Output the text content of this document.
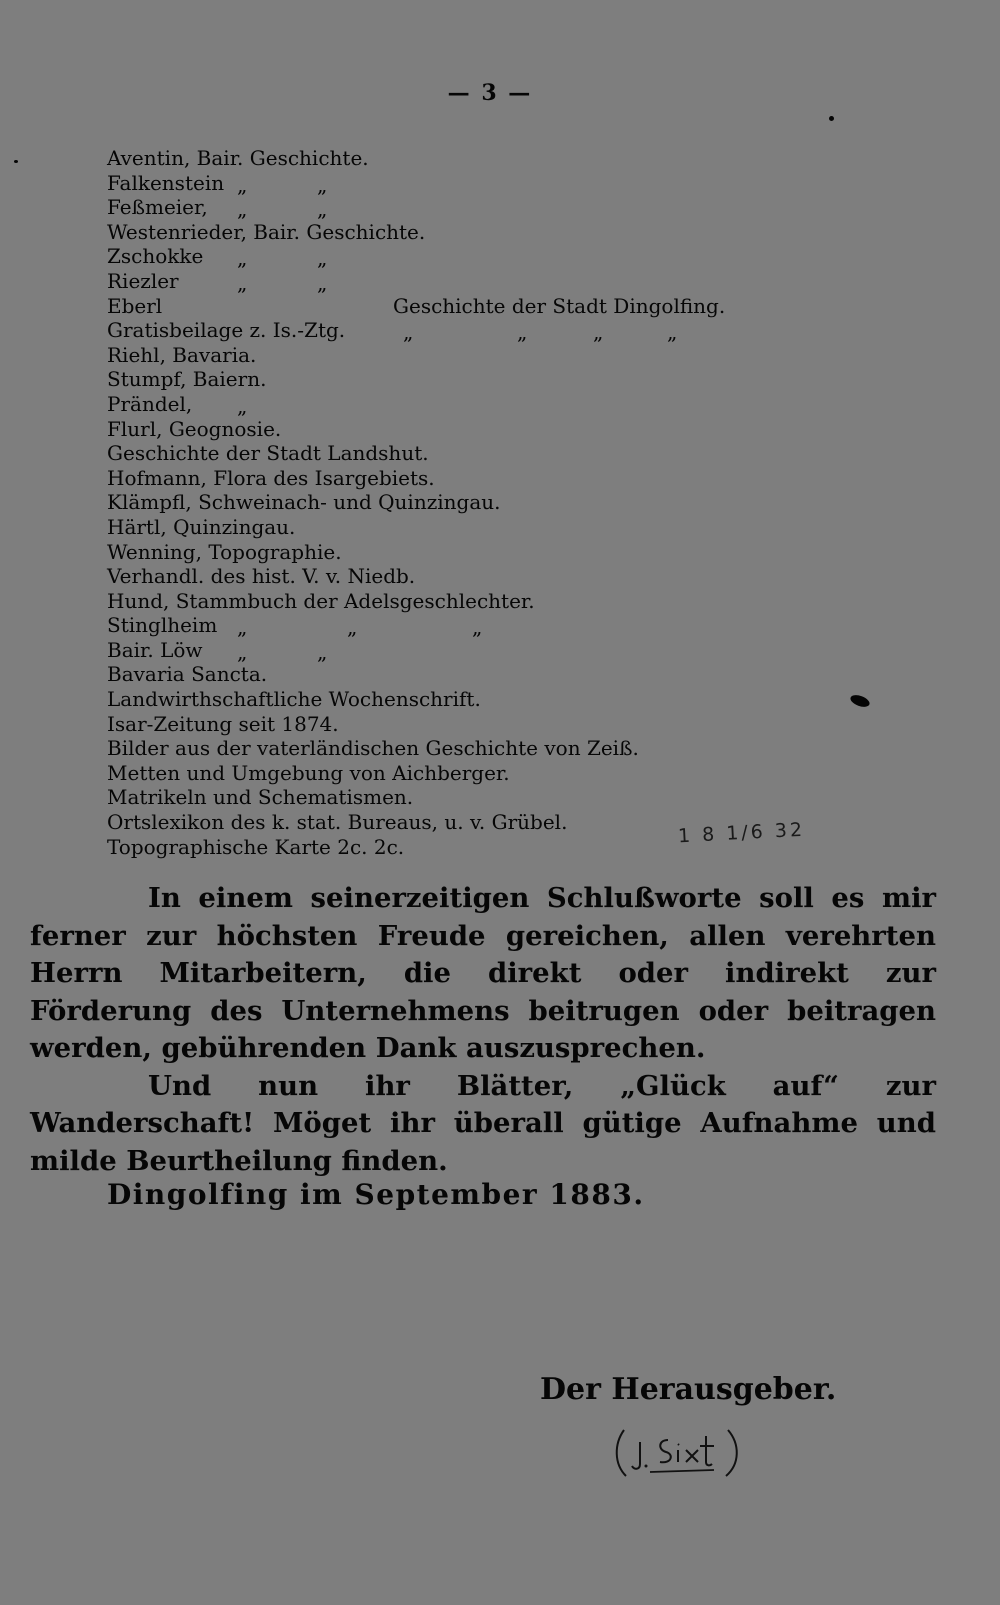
— 3 —
Aventin, Bair. Geschichte.
Falkenstein „	„
Feßmeier, „	„
Westenrieder, Bair. Geschichte.
Zschokke „	„
Riezler	„	„
Eberl	Geschichte der Stadt Dingolfing.
Gratisbeilage z. Is.-Ztg.	„	„	„	„
Riehl, Bavaria.
Stumpf, Baiern.
Prändel, „
Flurl, Geognosie.
Geschichte der Stadt Landshut.
Hofmann, Flora des Isargebiets.
Klämpfl, Schweinach- und Quinzingau.
Härtl, Quinzingau.
Wenning, Topographie.
Verhandl. des hist. V. v. Niedb.
Hund, Stammbuch der Adelsgeschlechter.
Stinglheim „	„	„
Bair. Löw „	„
Bavaria Sancta.
Landwirthschaftliche Wochenschrift.
Isar-Zeitung seit 1874.
Bilder aus der vaterländischen Geschichte von Zeiß.
Metten und Umgebung von Aichberger.
Matrikeln und Schematismen.
Ortslexikon des k. stat. Bureaus, u. v. Grübel.
Topographische Karte 2c. 2c.	1 8 1/6 32

In einem seinerzeitigen Schlußworte soll es mir ferner zur höchsten Freude gereichen, allen verehrten Herrn Mitarbeitern, die direkt oder indirekt zur Förderung des Unternehmens beitrugen oder beitragen werden, gebührenden Dank auszusprechen.

Und nun ihr Blätter, „Glück auf“ zur Wanderschaft! Möget ihr überall gütige Aufnahme und milde Beurtheilung finden.

Dingolfing im September 1883.
Der Herausgeber.
